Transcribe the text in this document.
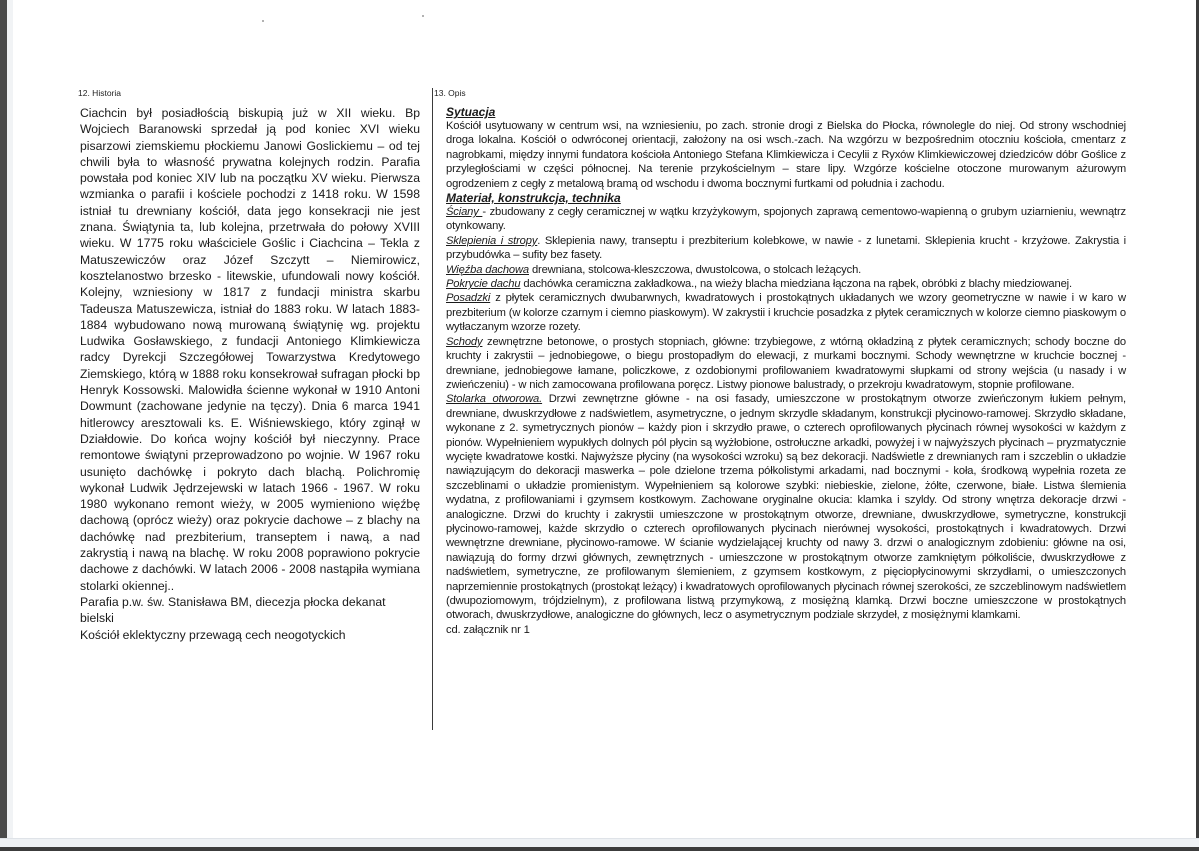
12. Historia

Ciachcin był posiadłością biskupią już w XII wieku. Bp Wojciech Baranowski sprzedał ją pod koniec XVI wieku pisarzowi ziemskiemu płockiemu Janowi Goslickiemu – od tej chwili była to własność prywatna kolejnych rodzin. Parafia powstała pod koniec XIV lub na początku XV wieku. Pierwsza wzmianka o parafii i kościele pochodzi z 1418 roku. W 1598 istniał tu drewniany kościół, data jego konsekracji nie jest znana. Świątynia ta, lub kolejna, przetrwała do połowy XVIII wieku. W 1775 roku właściciele Goślic i Ciachcina – Tekla z Matuszewiczów oraz Józef Szczytt – Niemirowicz, kosztelanostwo brzesko - litewskie, ufundowali nowy kościół. Kolejny, wzniesiony w 1817 z fundacji ministra skarbu Tadeusza Matuszewicza, istniał do 1883 roku. W latach 1883-1884 wybudowano nową murowaną świątynię wg. projektu Ludwika Gosławskiego, z fundacji Antoniego Klimkiewicza radcy Dyrekcji Szczegółowej Towarzystwa Kredytowego Ziemskiego, którą w 1888 roku konsekrował sufragan płocki bp Henryk Kossowski. Malowidła ścienne wykonał w 1910 Antoni Dowmunt (zachowane jedynie na tęczy). Dnia 6 marca 1941 hitlerowcy aresztowali ks. E. Wiśniewskiego, który zginął w Działdowie. Do końca wojny kościół był nieczynny. Prace remontowe świątyni przeprowadzono po wojnie. W 1967 roku usunięto dachówkę i pokryto dach blachą. Polichromię wykonał Ludwik Jędrzejewski w latach 1966 - 1967. W roku 1980 wykonano remont wieży, w 2005 wymieniono więźbę dachową (oprócz wieży) oraz pokrycie dachowe – z blachy na dachówkę nad prezbiterium, transeptem i nawą, a nad zakrystią i nawą na blachę. W roku 2008 poprawiono pokrycie dachowe z dachówki. W latach 2006 - 2008 nastąpiła wymiana stolarki okiennej..

Parafia p.w. św. Stanisława BM, diecezja płocka dekanat bielski

Kościół eklektyczny przewagą cech neogotyckich

13. Opis
Sytuacja

Kościół usytuowany w centrum wsi, na wzniesieniu, po zach. stronie drogi z Bielska do Płocka, równolegle do niej. Od strony wschodniej droga lokalna. Kościół o odwróconej orientacji, założony na osi wsch.-zach. Na wzgórzu w bezpośrednim otoczniu kościoła, cmentarz z nagrobkami, między innymi fundatora kościoła Antoniego Stefana Klimkiewicza i Cecylii z Ryxów Klimkiewiczowej dziedziców dóbr Goślice z przyległościami w części północnej. Na terenie przykościelnym – stare lipy. Wzgórze kościelne otoczone murowanym ażurowym ogrodzeniem z cegły z metalową bramą od wschodu i dwoma bocznymi furtkami od południa i zachodu.

Materiał, konstrukcja, technika

Ściany - zbudowany z cegły ceramicznej w wątku krzyżykowym, spojonych zaprawą cementowo-wapienną o grubym uziarnieniu, wewnątrz otynkowany.

Sklepienia i stropy. Sklepienia nawy, transeptu i prezbiterium kolebkowe, w nawie - z lunetami. Sklepienia krucht - krzyżowe. Zakrystia i przybudówka – sufity bez fasety.

Więźba dachowa drewniana, stolcowa-kleszczowa, dwustolcowa, o stolcach leżących.

Pokrycie dachu dachówka ceramiczna zakładkowa., na wieży blacha miedziana łączona na rąbek, obróbki z blachy miedziowanej.

Posadzki z płytek ceramicznych dwubarwnych, kwadratowych i prostokątnych układanych we wzory geometryczne w nawie i w karo w prezbiterium (w kolorze czarnym i ciemno piaskowym). W zakrystii i kruchcie posadzka z płytek ceramicznych w kolorze ciemno piaskowym o wytłaczanym wzorze rozety.

Schody zewnętrzne betonowe, o prostych stopniach, główne: trzybiegowe, z wtórną okładziną z płytek ceramicznych; schody boczne do kruchty i zakrystii – jednobiegowe, o biegu prostopadłym do elewacji, z murkami bocznymi. Schody wewnętrzne w kruchcie bocznej - drewniane, jednobiegowe łamane, policzkowe, z ozdobionymi profilowaniem kwadratowymi słupkami od strony wejścia (u nasady i w zwieńczeniu) - w nich zamocowana profilowana poręcz. Listwy pionowe balustrady, o przekroju kwadratowym, stopnie profilowane.

Stolarka otworowa. Drzwi zewnętrzne główne - na osi fasady, umieszczone w prostokątnym otworze zwieńczonym łukiem pełnym, drewniane, dwuskrzydłowe z nadświetlem, asymetryczne, o jednym skrzydle składanym, konstrukcji płycinowo-ramowej. Skrzydło składane, wykonane z 2. symetrycznych pionów – każdy pion i skrzydło prawe, o czterech oprofilowanych płycinach równej wysokości w każdym z pionów. Wypełnieniem wypukłych dolnych pól płycin są wyżłobione, ostrołuczne arkadki, powyżej i w najwyższych płycinach – pryzmatycznie wycięte kwadratowe kostki. Najwyższe płyciny (na wysokości wzroku) są bez dekoracji. Nadświetle z drewnianych ram i szczeblin o układzie nawiązującym do dekoracji maswerka – pole dzielone trzema półkolistymi arkadami, nad bocznymi - koła, środkową wypełnia rozeta ze szczeblinami o układzie promienistym. Wypełnieniem są kolorowe szybki: niebieskie, zielone, żółte, czerwone, białe. Listwa ślemienia wydatna, z profilowaniami i gzymsem kostkowym. Zachowane oryginalne okucia: klamka i szyldy. Od strony wnętrza dekoracje drzwi - analogiczne. Drzwi do kruchty i zakrystii umieszczone w prostokątnym otworze, drewniane, dwuskrzydłowe, symetryczne, konstrukcji płycinowo-ramowej, każde skrzydło o czterech oprofilowanych płycinach nierównej wysokości, prostokątnych i kwadratowych. Drzwi wewnętrzne drewniane, płycinowo-ramowe. W ścianie wydzielającej kruchty od nawy 3. drzwi o analogicznym zdobieniu: główne na osi, nawiązują do formy drzwi głównych, zewnętrznych - umieszczone w prostokątnym otworze zamkniętym półkoliście, dwuskrzydłowe z nadświetlem, symetryczne, ze profilowanym ślemieniem, z gzymsem kostkowym, z pięciopłycinowymi skrzydłami, o umieszczonych naprzemiennie prostokątnych (prostokąt leżący) i kwadratowych oprofilowanych płycinach równej szerokości, ze szczeblinowym nadświetlem (dwupoziomowym, trójdzielnym), z profilowana listwą przymykową, z mosiężną klamką. Drzwi boczne umieszczone w prostokątnych otworach, dwuskrzydłowe, analogiczne do głównych, lecz o asymetrycznym podziale skrzydeł, z mosiężnymi klamkami.

cd. załącznik nr 1
